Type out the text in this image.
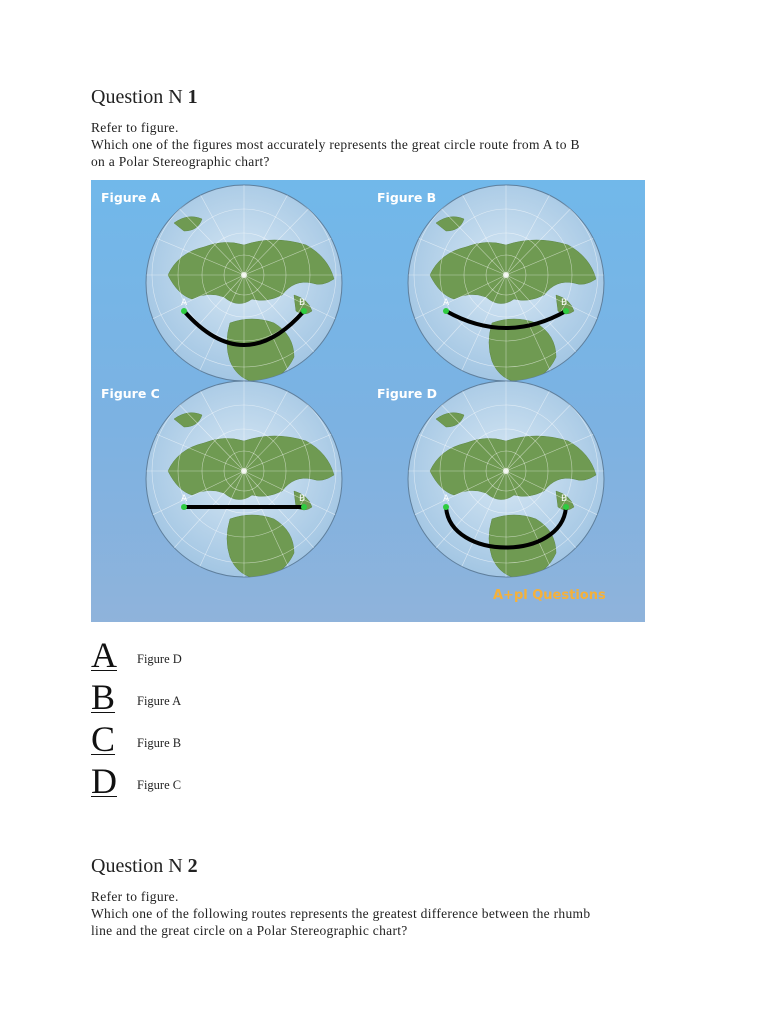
Question N 1
Refer to figure.
Which one of the figures most accurately represents the great circle route from A to B
on a Polar Stereographic chart?
Figure A	Figure B
Figure C	Figure D
A	B	A	B
A	B	A	B
A+pl Questions
A Figure D
B Figure A
C Figure B
D Figure C
Question N 2
Refer to figure.
Which one of the following routes represents the greatest difference between the rhumb
line and the great circle on a Polar Stereographic chart?
